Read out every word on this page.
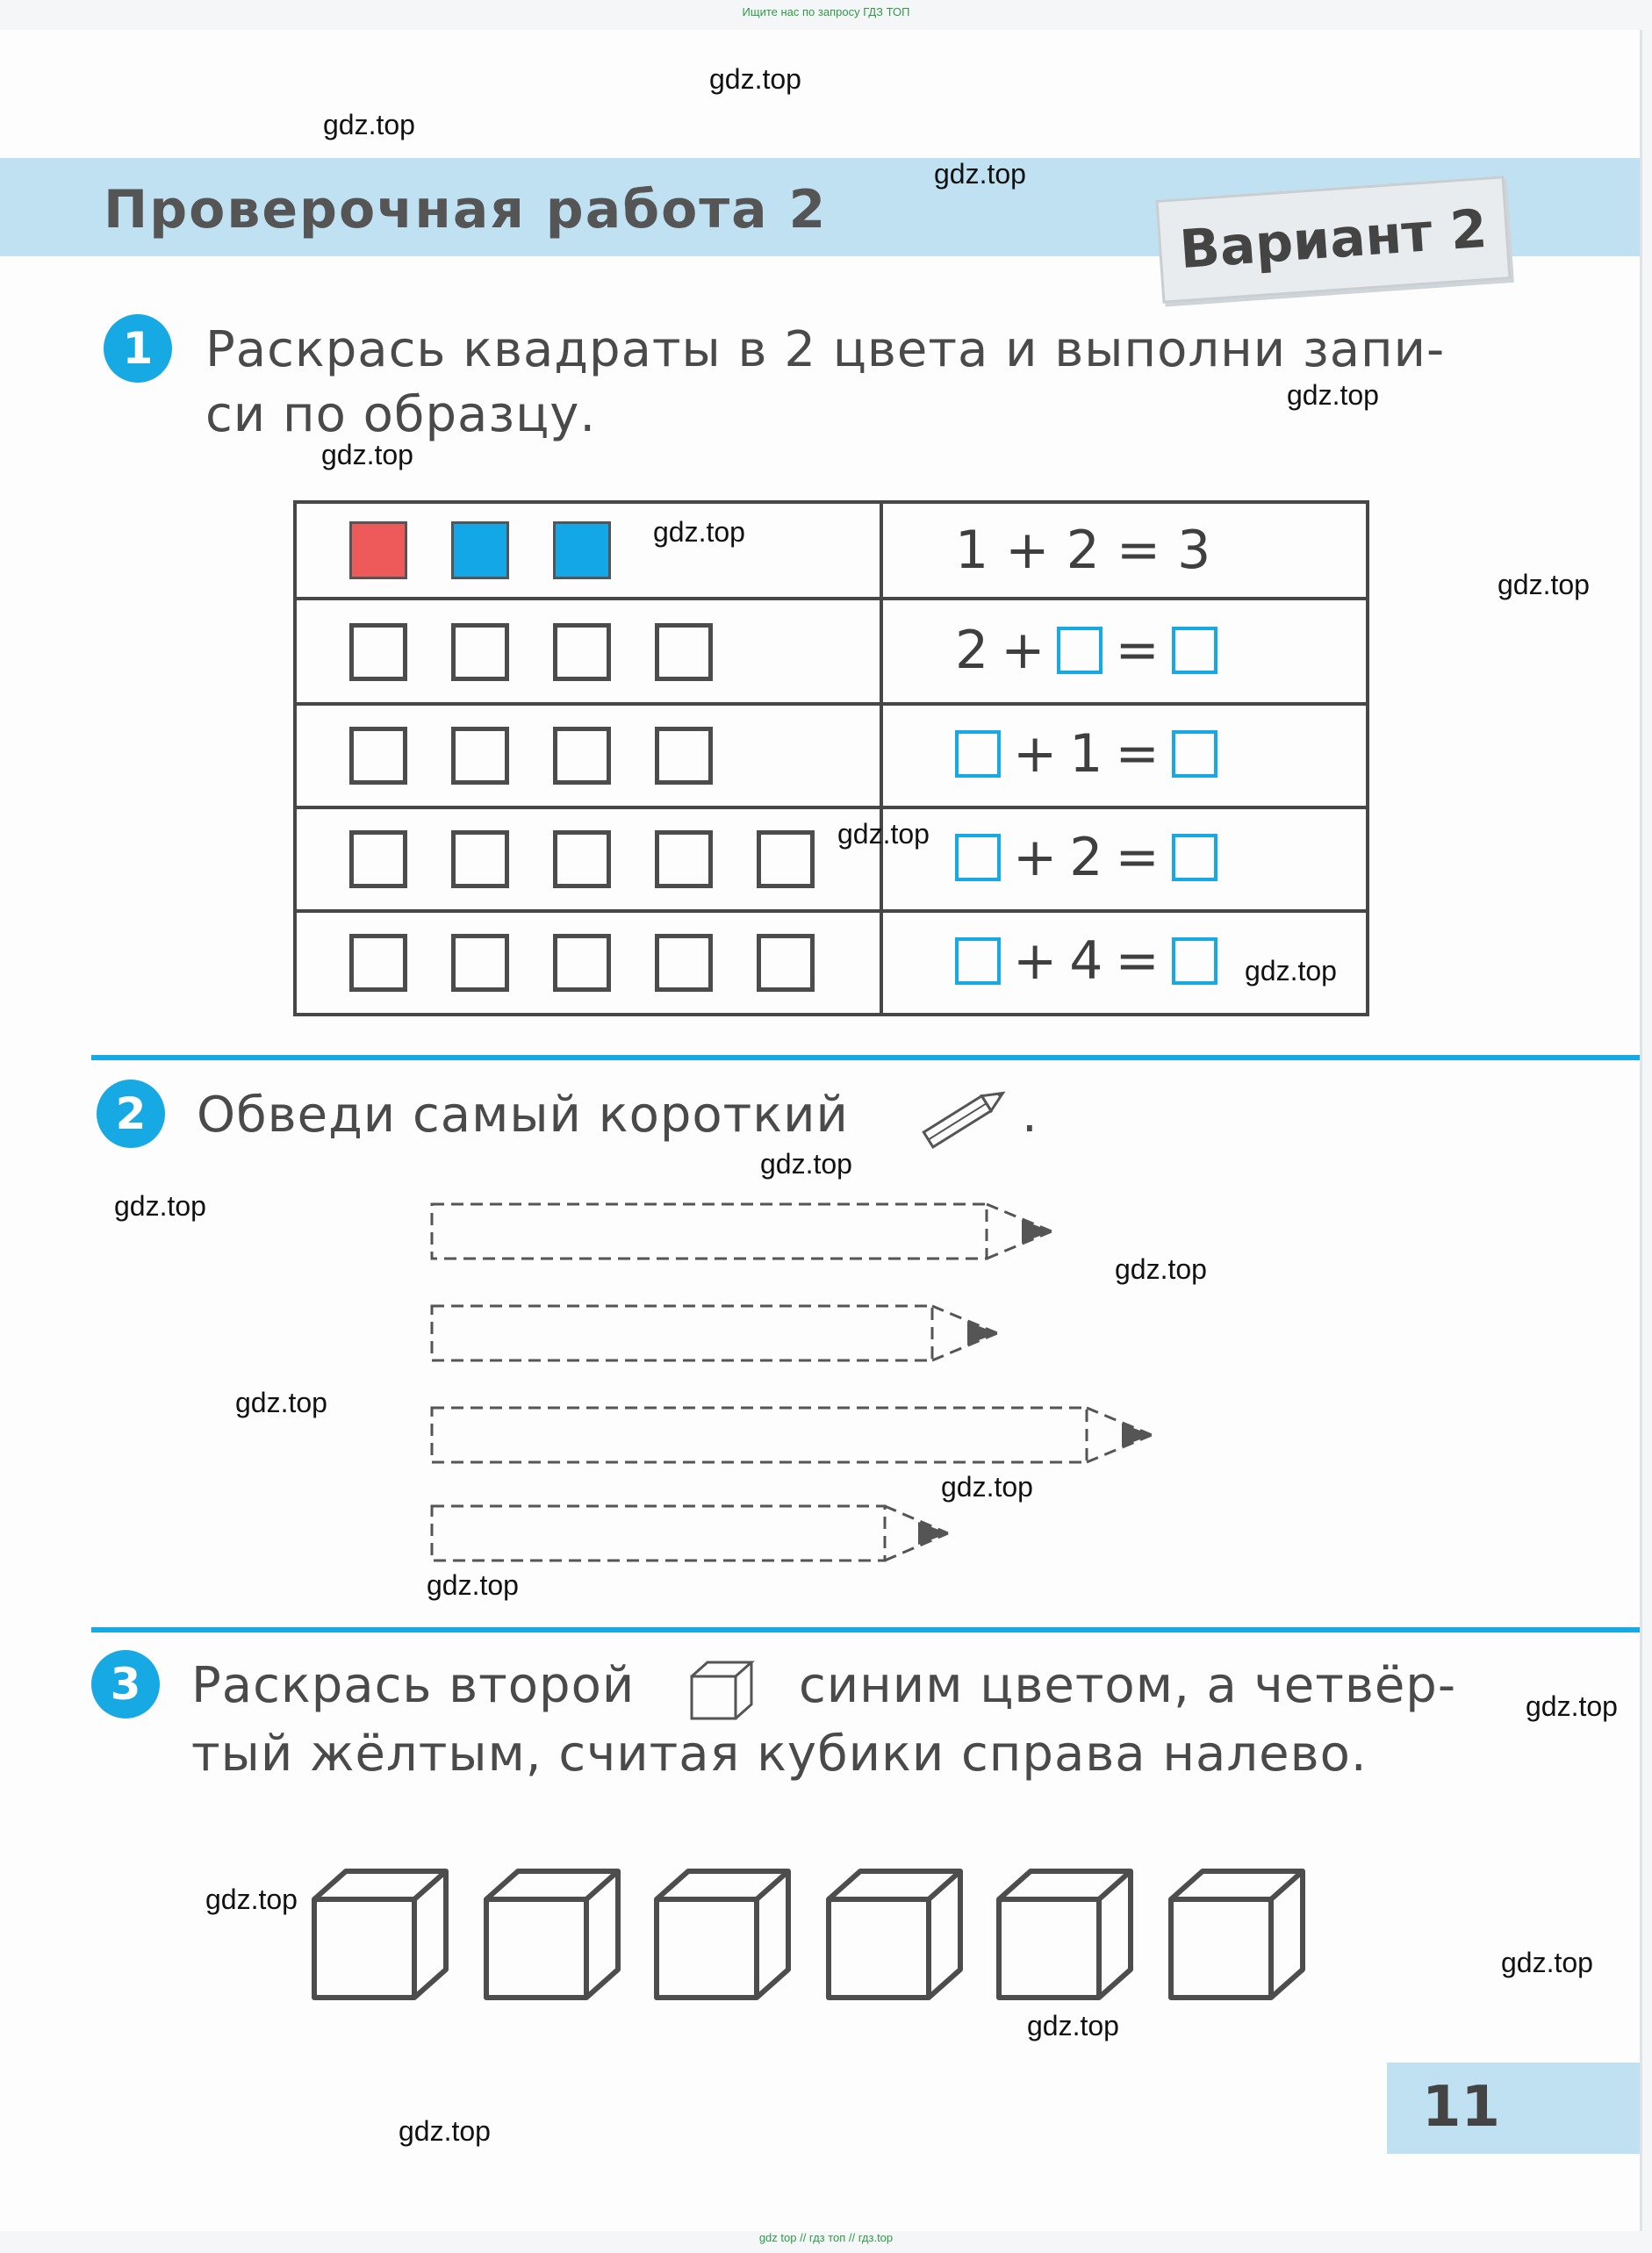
Ищите нас по запросу ГДЗ ТОП
Проверочная работа 2	Вариант 2
1	Раскрась квадраты в 2 цвета и выполни запи-
си по образцу.
1 + 2 = 3
2 + =
+ 1 =
+ 2 =
+ 4 =
2	Обведи самый короткий	.
3	Раскрась второй	синим цветом, а четвёр-
тый жёлтым, считая кубики справа налево.
11
gdz.top
gdz.top
gdz.top
gdz.top
gdz.top
gdz.top
gdz.top
gdz.top
gdz.top
gdz.top
gdz.top
gdz.top
gdz.top
gdz.top
gdz.top
gdz.top
gdz.top
gdz.top
gdz.top
gdz.top
gdz top // гдз топ // гдз.top
